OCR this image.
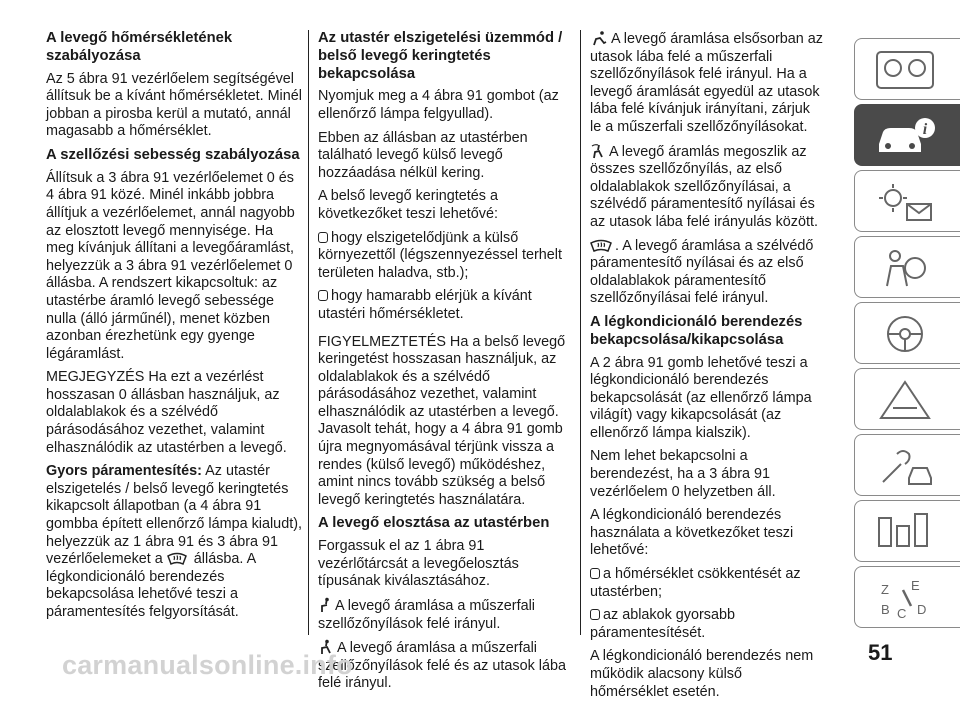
A levegő hőmérsékletének szabályozása

Az 5 ábra 91 vezérlőelem segítségével állítsuk be a kívánt hőmérsékletet. Minél jobban a pirosba kerül a mutató, annál magasabb a hőmérséklet.

A szellőzési sebesség szabályozása

Állítsuk a 3 ábra 91 vezérlőelemet 0 és 4 ábra 91 közé. Minél inkább jobbra állítjuk a vezérlőelemet, annál nagyobb az elosztott levegő mennyisége. Ha meg kívánjuk állítani a levegőáramlást, helyezzük a 3 ábra 91 vezérlőelemet 0 állásba. A rendszert kikapcsoltuk: az utastérbe áramló levegő sebessége nulla (álló járműnél), menet közben azonban érezhetünk egy gyenge légáramlást.

MEGJEGYZÉS Ha ezt a vezérlést hosszasan 0 állásban használjuk, az oldalablakok és a szélvédő párásodásához vezethet, valamint elhasználódik az utastérben a levegő.

Gyors páramentesítés: Az utastér elszigetelés / belső levegő keringtetés kikapcsolt állapotban (a 4 ábra 91 gombba épített ellenőrző lámpa kialudt), helyezzük az 1 ábra 91 és 3 ábra 91 vezérlőelemeket a  állásba. A légkondicionáló berendezés bekapcsolása lehetővé teszi a páramentesítés felgyorsítását.

Az utastér elszigetelési üzemmód / belső levegő keringtetés bekapcsolása

Nyomjuk meg a 4 ábra 91 gombot (az ellenőrző lámpa felgyullad).

Ebben az állásban az utastérben található levegő külső levegő hozzáadása nélkül kering.

A belső levegő keringtetés a következőket teszi lehetővé:

hogy elszigetelődjünk a külső környezettől (légszennyezéssel terhelt területen haladva, stb.);

hogy hamarabb elérjük a kívánt utastéri hőmérsékletet.

FIGYELMEZTETÉS Ha a belső levegő keringetést hosszasan használjuk, az oldalablakok és a szélvédő párásodásához vezethet, valamint elhasználódik az utastérben a levegő. Javasolt tehát, hogy a 4 ábra 91 gomb újra megnyomásával térjünk vissza a rendes (külső levegő) működéshez, amint nincs tovább szükség a belső levegő keringtetés használatára.

A levegő elosztása az utastérben

Forgassuk el az 1 ábra 91 vezérlőtárcsát a levegőelosztás típusának kiválasztásához.

A levegő áramlása a műszerfali szellőzőnyílások felé irányul.

A levegő áramlása a műszerfali szellőzőnyílások felé és az utasok lába felé irányul.

A levegő áramlása elsősorban az utasok lába felé a műszerfali szellőzőnyílások felé irányul. Ha a levegő áramlását egyedül az utasok lába felé kívánjuk irányítani, zárjuk le a műszerfali szellőzőnyílásokat.

A levegő áramlás megoszlik az összes szellőzőnyílás, az első oldalablakok szellőzőnyílásai, a szélvédő páramentesítő nyílásai és az utasok lába felé irányulás között.

. A levegő áramlása a szélvédő páramentesítő nyílásai és az első oldalablakok páramentesítő szellőzőnyílásai felé irányul.

A légkondicionáló berendezés bekapcsolása/kikapcsolása

A 2 ábra 91 gomb lehetővé teszi a légkondicionáló berendezés bekapcsolását (az ellenőrző lámpa világít) vagy kikapcsolását (az ellenőrző lámpa kialszik).

Nem lehet bekapcsolni a berendezést, ha a 3 ábra 91 vezérlőelem 0 helyzetben áll.

A légkondicionáló berendezés használata a következőket teszi lehetővé:

a hőmérséklet csökkentését az utastérben;

az ablakok gyorsabb páramentesítését.

A légkondicionáló berendezés nem működik alacsony külső hőmérséklet esetén.

i
Z E
B C D
51
carmanualsonline.info
